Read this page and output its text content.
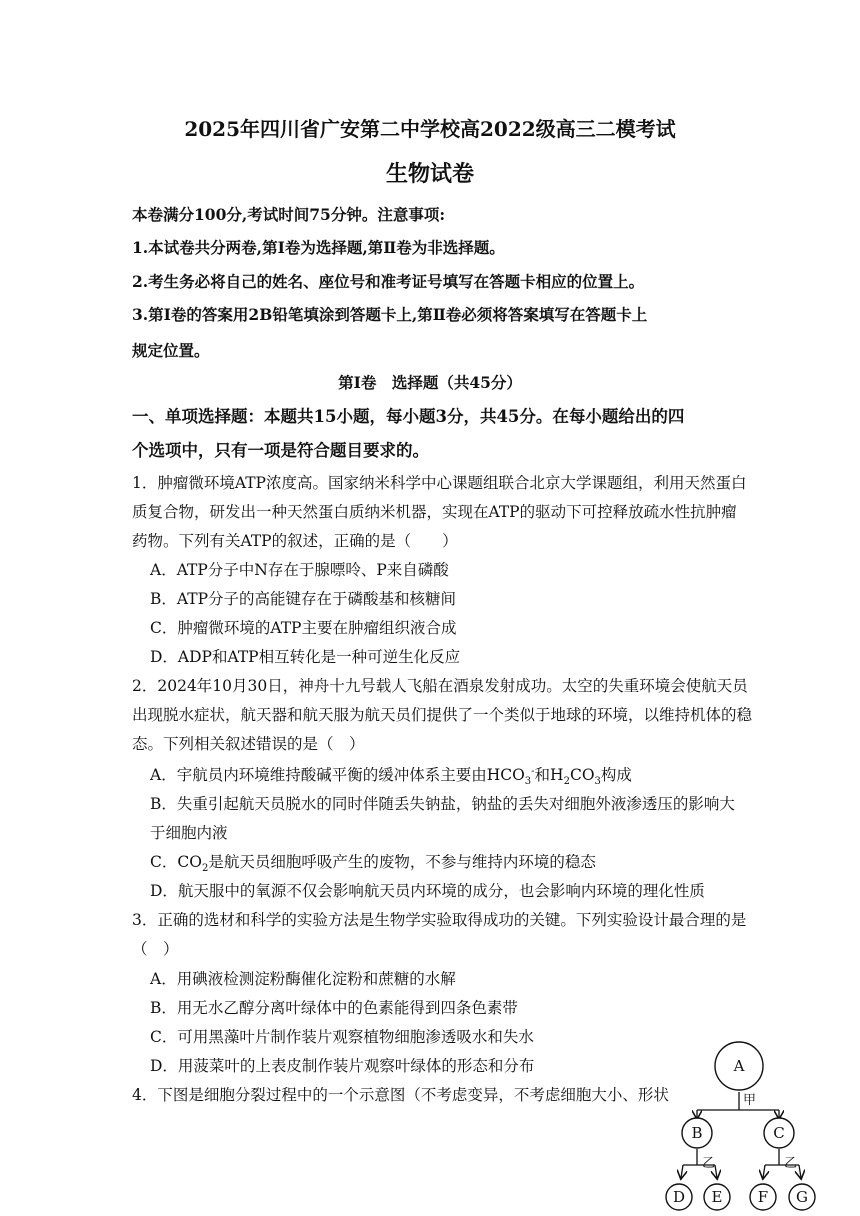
2025年四川省广安第二中学校高2022级高三二模考试
生物试卷
本卷满分100分,考试时间75分钟。注意事项:
1.本试卷共分两卷,第Ⅰ卷为选择题,第Ⅱ卷为非选择题。
2.考生务必将自己的姓名、座位号和准考证号填写在答题卡相应的位置上。
3.第Ⅰ卷的答案用2B铅笔填涂到答题卡上,第Ⅱ卷必须将答案填写在答题卡上
规定位置。
第Ⅰ卷　选择题（共45分）
一、单项选择题：本题共15小题，每小题3分，共45分。在每小题给出的四
个选项中，只有一项是符合题目要求的。
1．肿瘤微环境ATP浓度高。国家纳米科学中心课题组联合北京大学课题组，利用天然蛋白
质复合物，研发出一种天然蛋白质纳米机器，实现在ATP的驱动下可控释放疏水性抗肿瘤
药物。下列有关ATP的叙述，正确的是（　　）
A．ATP分子中N存在于腺嘌呤、P来自磷酸
B．ATP分子的高能键存在于磷酸基和核糖间
C．肿瘤微环境的ATP主要在肿瘤组织液合成
D．ADP和ATP相互转化是一种可逆生化反应
2．2024年10月30日，神舟十九号载人飞船在酒泉发射成功。太空的失重环境会使航天员
出现脱水症状，航天器和航天服为航天员们提供了一个类似于地球的环境，以维持机体的稳
态。下列相关叙述错误的是（　）
A．宇航员内环境维持酸碱平衡的缓冲体系主要由$HCO_3^-$和$H_2CO_3$构成
B．失重引起航天员脱水的同时伴随丢失钠盐，钠盐的丢失对细胞外液渗透压的影响大
于细胞内液
C．$CO_2$是航天员细胞呼吸产生的废物，不参与维持内环境的稳态
D．航天服中的氧源不仅会影响航天员内环境的成分，也会影响内环境的理化性质
3．正确的选材和科学的实验方法是生物学实验取得成功的关键。下列实验设计最合理的是
（　）
A．用碘液检测淀粉酶催化淀粉和蔗糖的水解
B．用无水乙醇分离叶绿体中的色素能得到四条色素带
C．可用黑藻叶片制作装片观察植物细胞渗透吸水和失水
D．用菠菜叶的上表皮制作装片观察叶绿体的形态和分布
4．下图是细胞分裂过程中的一个示意图（不考虑变异，不考虑细胞大小、形状
A
B	C
D E F G
甲
乙	乙
